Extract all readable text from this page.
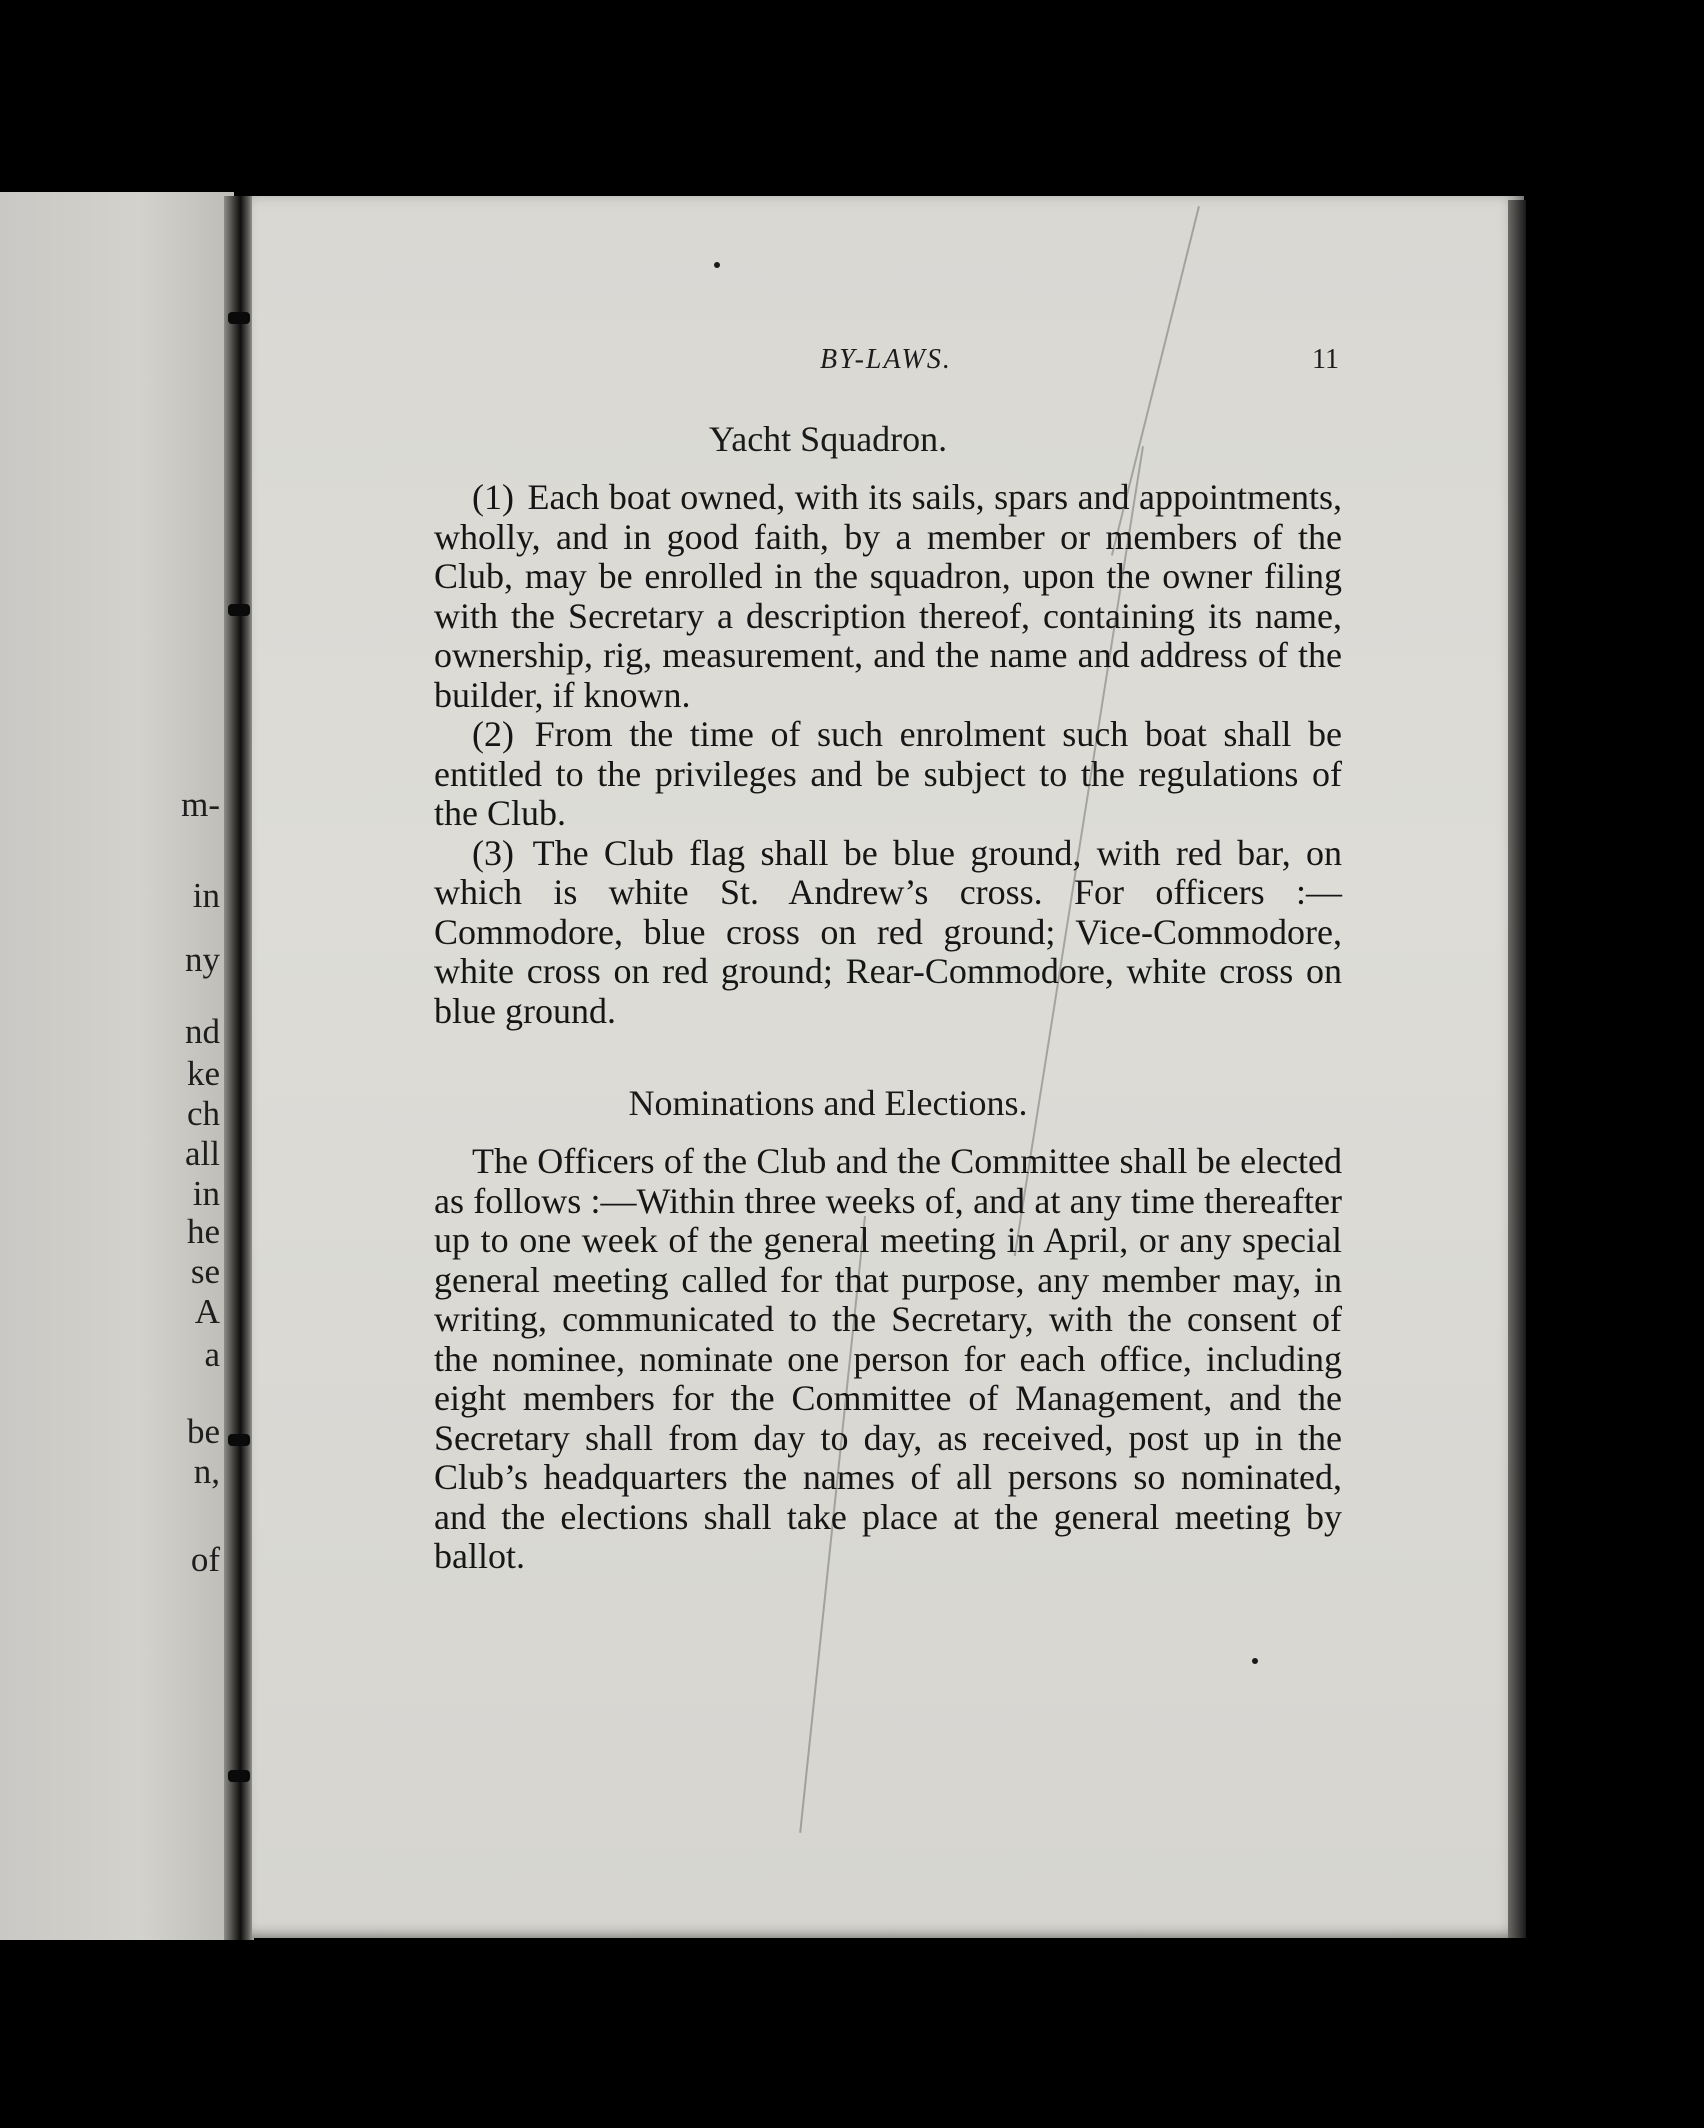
m-
in
ny
nd
ke
ch
all
in
he
se
A
a
be
n,
of
BY-LAWS.	11
Yacht Squadron.

(1) Each boat owned, with its sails, spars and appointments, wholly, and in good faith, by a member or members of the Club, may be enrolled in the squadron, upon the owner filing with the Secretary a description thereof, containing its name, ownership, rig, measurement, and the name and address of the builder, if known.

(2) From the time of such enrolment such boat shall be entitled to the privileges and be subject to the regulations of the Club.

(3) The Club flag shall be blue ground, with red bar, on which is white St. Andrew’s cross. For officers :— Commodore, blue cross on red ground; Vice-Commodore, white cross on red ground; Rear-Commodore, white cross on blue ground.

Nominations and Elections.

The Officers of the Club and the Committee shall be elected as follows :—Within three weeks of, and at any time thereafter up to one week of the general meeting in April, or any special general meeting called for that purpose, any member may, in writing, communicated to the Secretary, with the consent of the nominee, nominate one person for each office, including eight members for the Committee of Management, and the Secretary shall from day to day, as received, post up in the Club’s headquarters the names of all persons so nominated, and the elections shall take place at the general meeting by ballot.
